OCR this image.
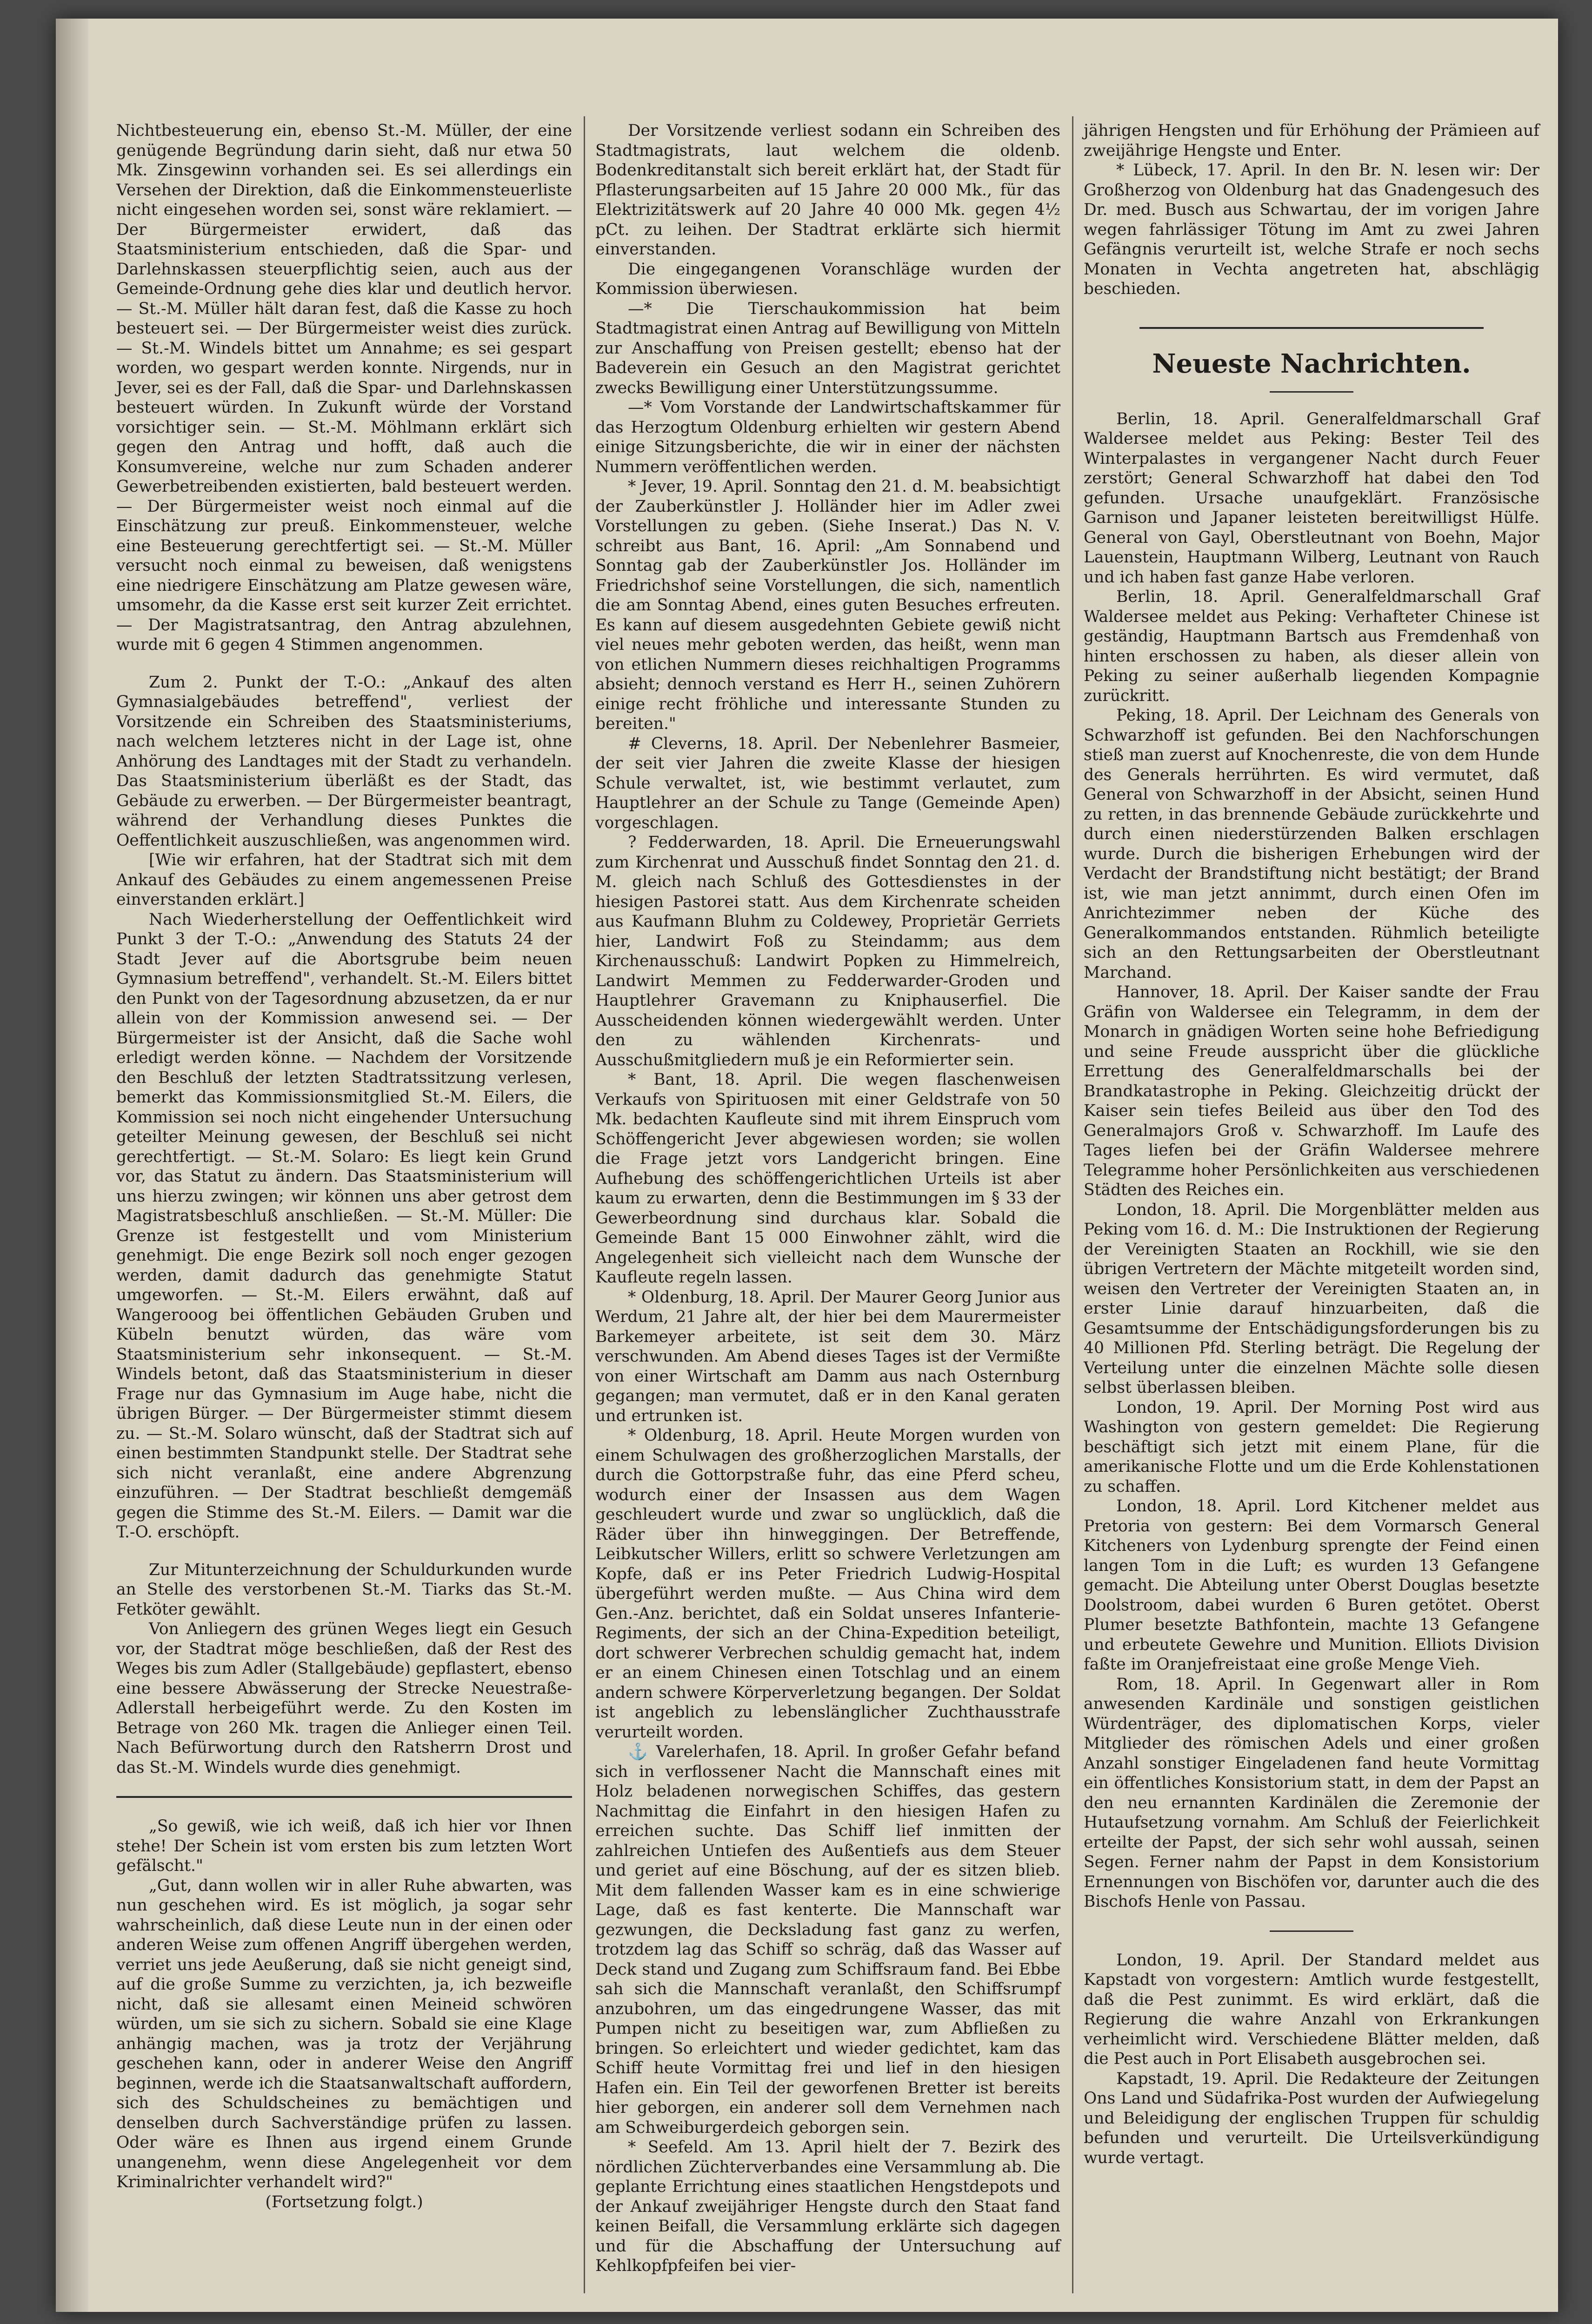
Nichtbesteuerung ein, ebenso St.-M. Müller, der eine genügende Begründung darin sieht, daß nur etwa 50 Mk. Zinsgewinn vorhanden sei. Es sei allerdings ein Versehen der Direktion, daß die Einkommensteuerliste nicht eingesehen worden sei, sonst wäre reklamiert. — Der Bürgermeister erwidert, daß das Staatsministerium entschieden, daß die Spar- und Darlehnskassen steuerpflichtig seien, auch aus der Gemeinde-Ordnung gehe dies klar und deutlich hervor. — St.-M. Müller hält daran fest, daß die Kasse zu hoch besteuert sei. — Der Bürgermeister weist dies zurück. — St.-M. Windels bittet um Annahme; es sei gespart worden, wo gespart werden konnte. Nirgends, nur in Jever, sei es der Fall, daß die Spar- und Darlehnskassen besteuert würden. In Zukunft würde der Vorstand vorsichtiger sein. — St.-M. Möhlmann erklärt sich gegen den Antrag und hofft, daß auch die Konsumvereine, welche nur zum Schaden anderer Gewerbetreibenden existierten, bald besteuert werden. — Der Bürgermeister weist noch einmal auf die Einschätzung zur preuß. Einkommensteuer, welche eine Besteuerung gerechtfertigt sei. — St.-M. Müller versucht noch einmal zu beweisen, daß wenigstens eine niedrigere Einschätzung am Platze gewesen wäre, umsomehr, da die Kasse erst seit kurzer Zeit errichtet. — Der Magistratsantrag, den Antrag abzulehnen, wurde mit 6 gegen 4 Stimmen angenommen.

Zum 2. Punkt der T.-O.: „Ankauf des alten Gymnasialgebäudes betreffend", verliest der Vorsitzende ein Schreiben des Staatsministeriums, nach welchem letzteres nicht in der Lage ist, ohne Anhörung des Landtages mit der Stadt zu verhandeln. Das Staatsministerium überläßt es der Stadt, das Gebäude zu erwerben. — Der Bürgermeister beantragt, während der Verhandlung dieses Punktes die Oeffentlichkeit auszuschließen, was angenommen wird.

[Wie wir erfahren, hat der Stadtrat sich mit dem Ankauf des Gebäudes zu einem angemessenen Preise einverstanden erklärt.]

Nach Wiederherstellung der Oeffentlichkeit wird Punkt 3 der T.-O.: „Anwendung des Statuts 24 der Stadt Jever auf die Abortsgrube beim neuen Gymnasium betreffend", verhandelt. St.-M. Eilers bittet den Punkt von der Tagesordnung abzusetzen, da er nur allein von der Kommission anwesend sei. — Der Bürgermeister ist der Ansicht, daß die Sache wohl erledigt werden könne. — Nachdem der Vorsitzende den Beschluß der letzten Stadtratssitzung verlesen, bemerkt das Kommissionsmitglied St.-M. Eilers, die Kommission sei noch nicht eingehender Untersuchung geteilter Meinung gewesen, der Beschluß sei nicht gerechtfertigt. — St.-M. Solaro: Es liegt kein Grund vor, das Statut zu ändern. Das Staatsministerium will uns hierzu zwingen; wir können uns aber getrost dem Magistratsbeschluß anschließen. — St.-M. Müller: Die Grenze ist festgestellt und vom Ministerium genehmigt. Die enge Bezirk soll noch enger gezogen werden, damit dadurch das genehmigte Statut umgeworfen. — St.-M. Eilers erwähnt, daß auf Wangerooog bei öffentlichen Gebäuden Gruben und Kübeln benutzt würden, das wäre vom Staatsministerium sehr inkonsequent. — St.-M. Windels betont, daß das Staatsministerium in dieser Frage nur das Gymnasium im Auge habe, nicht die übrigen Bürger. — Der Bürgermeister stimmt diesem zu. — St.-M. Solaro wünscht, daß der Stadtrat sich auf einen bestimmten Standpunkt stelle. Der Stadtrat sehe sich nicht veranlaßt, eine andere Abgrenzung einzuführen. — Der Stadtrat beschließt demgemäß gegen die Stimme des St.-M. Eilers. — Damit war die T.-O. erschöpft.

Zur Mitunterzeichnung der Schuldurkunden wurde an Stelle des verstorbenen St.-M. Tiarks das St.-M. Fetköter gewählt.

Von Anliegern des grünen Weges liegt ein Gesuch vor, der Stadtrat möge beschließen, daß der Rest des Weges bis zum Adler (Stallgebäude) gepflastert, ebenso eine bessere Abwässerung der Strecke Neuestraße-Adlerstall herbeigeführt werde. Zu den Kosten im Betrage von 260 Mk. tragen die Anlieger einen Teil. Nach Befürwortung durch den Ratsherrn Drost und das St.-M. Windels wurde dies genehmigt.

„So gewiß, wie ich weiß, daß ich hier vor Ihnen stehe! Der Schein ist vom ersten bis zum letzten Wort gefälscht."

„Gut, dann wollen wir in aller Ruhe abwarten, was nun geschehen wird. Es ist möglich, ja sogar sehr wahrscheinlich, daß diese Leute nun in der einen oder anderen Weise zum offenen Angriff übergehen werden, verriet uns jede Aeußerung, daß sie nicht geneigt sind, auf die große Summe zu verzichten, ja, ich bezweifle nicht, daß sie allesamt einen Meineid schwören würden, um sie sich zu sichern. Sobald sie eine Klage anhängig machen, was ja trotz der Verjährung geschehen kann, oder in anderer Weise den Angriff beginnen, werde ich die Staatsanwaltschaft auffordern, sich des Schuldscheines zu bemächtigen und denselben durch Sachverständige prüfen zu lassen. Oder wäre es Ihnen aus irgend einem Grunde unangenehm, wenn diese Angelegenheit vor dem Kriminalrichter verhandelt wird?"

(Fortsetzung folgt.)

Der Vorsitzende verliest sodann ein Schreiben des Stadtmagistrats, laut welchem die oldenb. Bodenkreditanstalt sich bereit erklärt hat, der Stadt für Pflasterungsarbeiten auf 15 Jahre 20 000 Mk., für das Elektrizitätswerk auf 20 Jahre 40 000 Mk. gegen 4½ pCt. zu leihen. Der Stadtrat erklärte sich hiermit einverstanden.

Die eingegangenen Voranschläge wurden der Kommission überwiesen.

—* Die Tierschaukommission hat beim Stadtmagistrat einen Antrag auf Bewilligung von Mitteln zur Anschaffung von Preisen gestellt; ebenso hat der Badeverein ein Gesuch an den Magistrat gerichtet zwecks Bewilligung einer Unterstützungssumme.

—* Vom Vorstande der Landwirtschaftskammer für das Herzogtum Oldenburg erhielten wir gestern Abend einige Sitzungsberichte, die wir in einer der nächsten Nummern veröffentlichen werden.

* Jever, 19. April. Sonntag den 21. d. M. beabsichtigt der Zauberkünstler J. Holländer hier im Adler zwei Vorstellungen zu geben. (Siehe Inserat.) Das N. V. schreibt aus Bant, 16. April: „Am Sonnabend und Sonntag gab der Zauberkünstler Jos. Holländer im Friedrichshof seine Vorstellungen, die sich, namentlich die am Sonntag Abend, eines guten Besuches erfreuten. Es kann auf diesem ausgedehnten Gebiete gewiß nicht viel neues mehr geboten werden, das heißt, wenn man von etlichen Nummern dieses reichhaltigen Programms absieht; dennoch verstand es Herr H., seinen Zuhörern einige recht fröhliche und interessante Stunden zu bereiten."

# Cleverns, 18. April. Der Nebenlehrer Basmeier, der seit vier Jahren die zweite Klasse der hiesigen Schule verwaltet, ist, wie bestimmt verlautet, zum Hauptlehrer an der Schule zu Tange (Gemeinde Apen) vorgeschlagen.

? Fedderwarden, 18. April. Die Erneuerungswahl zum Kirchenrat und Ausschuß findet Sonntag den 21. d. M. gleich nach Schluß des Gottesdienstes in der hiesigen Pastorei statt. Aus dem Kirchenrate scheiden aus Kaufmann Bluhm zu Coldewey, Proprietär Gerriets hier, Landwirt Foß zu Steindamm; aus dem Kirchenausschuß: Landwirt Popken zu Himmelreich, Landwirt Memmen zu Fedderwarder-Groden und Hauptlehrer Gravemann zu Kniphauserfiel. Die Ausscheidenden können wiedergewählt werden. Unter den zu wählenden Kirchenrats- und Ausschußmitgliedern muß je ein Reformierter sein.

* Bant, 18. April. Die wegen flaschenweisen Verkaufs von Spirituosen mit einer Geldstrafe von 50 Mk. bedachten Kaufleute sind mit ihrem Einspruch vom Schöffengericht Jever abgewiesen worden; sie wollen die Frage jetzt vors Landgericht bringen. Eine Aufhebung des schöffengerichtlichen Urteils ist aber kaum zu erwarten, denn die Bestimmungen im § 33 der Gewerbeordnung sind durchaus klar. Sobald die Gemeinde Bant 15 000 Einwohner zählt, wird die Angelegenheit sich vielleicht nach dem Wunsche der Kaufleute regeln lassen.

* Oldenburg, 18. April. Der Maurer Georg Junior aus Werdum, 21 Jahre alt, der hier bei dem Maurermeister Barkemeyer arbeitete, ist seit dem 30. März verschwunden. Am Abend dieses Tages ist der Vermißte von einer Wirtschaft am Damm aus nach Osternburg gegangen; man vermutet, daß er in den Kanal geraten und ertrunken ist.

* Oldenburg, 18. April. Heute Morgen wurden von einem Schulwagen des großherzoglichen Marstalls, der durch die Gottorpstraße fuhr, das eine Pferd scheu, wodurch einer der Insassen aus dem Wagen geschleudert wurde und zwar so unglücklich, daß die Räder über ihn hinweggingen. Der Betreffende, Leibkutscher Willers, erlitt so schwere Verletzungen am Kopfe, daß er ins Peter Friedrich Ludwig-Hospital übergeführt werden mußte. — Aus China wird dem Gen.-Anz. berichtet, daß ein Soldat unseres Infanterie-Regiments, der sich an der China-Expedition beteiligt, dort schwerer Verbrechen schuldig gemacht hat, indem er an einem Chinesen einen Totschlag und an einem andern schwere Körperverletzung begangen. Der Soldat ist angeblich zu lebenslänglicher Zuchthausstrafe verurteilt worden.

⚓ Varelerhafen, 18. April. In großer Gefahr befand sich in verflossener Nacht die Mannschaft eines mit Holz beladenen norwegischen Schiffes, das gestern Nachmittag die Einfahrt in den hiesigen Hafen zu erreichen suchte. Das Schiff lief inmitten der zahlreichen Untiefen des Außentiefs aus dem Steuer und geriet auf eine Böschung, auf der es sitzen blieb. Mit dem fallenden Wasser kam es in eine schwierige Lage, daß es fast kenterte. Die Mannschaft war gezwungen, die Decksladung fast ganz zu werfen, trotzdem lag das Schiff so schräg, daß das Wasser auf Deck stand und Zugang zum Schiffsraum fand. Bei Ebbe sah sich die Mannschaft veranlaßt, den Schiffsrumpf anzubohren, um das eingedrungene Wasser, das mit Pumpen nicht zu beseitigen war, zum Abfließen zu bringen. So erleichtert und wieder gedichtet, kam das Schiff heute Vormittag frei und lief in den hiesigen Hafen ein. Ein Teil der geworfenen Bretter ist bereits hier geborgen, ein anderer soll dem Vernehmen nach am Schweiburgerdeich geborgen sein.

* Seefeld. Am 13. April hielt der 7. Bezirk des nördlichen Züchterverbandes eine Versammlung ab. Die geplante Errichtung eines staatlichen Hengstdepots und der Ankauf zweijähriger Hengste durch den Staat fand keinen Beifall, die Versammlung erklärte sich dagegen und für die Abschaffung der Untersuchung auf Kehlkopfpfeifen bei vier-

jährigen Hengsten und für Erhöhung der Prämieen auf zweijährige Hengste und Enter.

* Lübeck, 17. April. In den Br. N. lesen wir: Der Großherzog von Oldenburg hat das Gnadengesuch des Dr. med. Busch aus Schwartau, der im vorigen Jahre wegen fahrlässiger Tötung im Amt zu zwei Jahren Gefängnis verurteilt ist, welche Strafe er noch sechs Monaten in Vechta angetreten hat, abschlägig beschieden.

Neueste Nachrichten.

Berlin, 18. April. Generalfeldmarschall Graf Waldersee meldet aus Peking: Bester Teil des Winterpalastes in vergangener Nacht durch Feuer zerstört; General Schwarzhoff hat dabei den Tod gefunden. Ursache unaufgeklärt. Französische Garnison und Japaner leisteten bereitwilligst Hülfe. General von Gayl, Oberstleutnant von Boehn, Major Lauenstein, Hauptmann Wilberg, Leutnant von Rauch und ich haben fast ganze Habe verloren.

Berlin, 18. April. Generalfeldmarschall Graf Waldersee meldet aus Peking: Verhafteter Chinese ist geständig, Hauptmann Bartsch aus Fremdenhaß von hinten erschossen zu haben, als dieser allein von Peking zu seiner außerhalb liegenden Kompagnie zurückritt.

Peking, 18. April. Der Leichnam des Generals von Schwarzhoff ist gefunden. Bei den Nachforschungen stieß man zuerst auf Knochenreste, die von dem Hunde des Generals herrührten. Es wird vermutet, daß General von Schwarzhoff in der Absicht, seinen Hund zu retten, in das brennende Gebäude zurückkehrte und durch einen niederstürzenden Balken erschlagen wurde. Durch die bisherigen Erhebungen wird der Verdacht der Brandstiftung nicht bestätigt; der Brand ist, wie man jetzt annimmt, durch einen Ofen im Anrichtezimmer neben der Küche des Generalkommandos entstanden. Rühmlich beteiligte sich an den Rettungsarbeiten der Oberstleutnant Marchand.

Hannover, 18. April. Der Kaiser sandte der Frau Gräfin von Waldersee ein Telegramm, in dem der Monarch in gnädigen Worten seine hohe Befriedigung und seine Freude ausspricht über die glückliche Errettung des Generalfeldmarschalls bei der Brandkatastrophe in Peking. Gleichzeitig drückt der Kaiser sein tiefes Beileid aus über den Tod des Generalmajors Groß v. Schwarzhoff. Im Laufe des Tages liefen bei der Gräfin Waldersee mehrere Telegramme hoher Persönlichkeiten aus verschiedenen Städten des Reiches ein.

London, 18. April. Die Morgenblätter melden aus Peking vom 16. d. M.: Die Instruktionen der Regierung der Vereinigten Staaten an Rockhill, wie sie den übrigen Vertretern der Mächte mitgeteilt worden sind, weisen den Vertreter der Vereinigten Staaten an, in erster Linie darauf hinzuarbeiten, daß die Gesamtsumme der Entschädigungsforderungen bis zu 40 Millionen Pfd. Sterling beträgt. Die Regelung der Verteilung unter die einzelnen Mächte solle diesen selbst überlassen bleiben.

London, 19. April. Der Morning Post wird aus Washington von gestern gemeldet: Die Regierung beschäftigt sich jetzt mit einem Plane, für die amerikanische Flotte und um die Erde Kohlenstationen zu schaffen.

London, 18. April. Lord Kitchener meldet aus Pretoria von gestern: Bei dem Vormarsch General Kitcheners von Lydenburg sprengte der Feind einen langen Tom in die Luft; es wurden 13 Gefangene gemacht. Die Abteilung unter Oberst Douglas besetzte Doolstroom, dabei wurden 6 Buren getötet. Oberst Plumer besetzte Bathfontein, machte 13 Gefangene und erbeutete Gewehre und Munition. Elliots Division faßte im Oranjefreistaat eine große Menge Vieh.

Rom, 18. April. In Gegenwart aller in Rom anwesenden Kardinäle und sonstigen geistlichen Würdenträger, des diplomatischen Korps, vieler Mitglieder des römischen Adels und einer großen Anzahl sonstiger Eingeladenen fand heute Vormittag ein öffentliches Konsistorium statt, in dem der Papst an den neu ernannten Kardinälen die Zeremonie der Hutaufsetzung vornahm. Am Schluß der Feierlichkeit erteilte der Papst, der sich sehr wohl aussah, seinen Segen. Ferner nahm der Papst in dem Konsistorium Ernennungen von Bischöfen vor, darunter auch die des Bischofs Henle von Passau.

London, 19. April. Der Standard meldet aus Kapstadt von vorgestern: Amtlich wurde festgestellt, daß die Pest zunimmt. Es wird erklärt, daß die Regierung die wahre Anzahl von Erkrankungen verheimlicht wird. Verschiedene Blätter melden, daß die Pest auch in Port Elisabeth ausgebrochen sei.

Kapstadt, 19. April. Die Redakteure der Zeitungen Ons Land und Südafrika-Post wurden der Aufwiegelung und Beleidigung der englischen Truppen für schuldig befunden und verurteilt. Die Urteilsverkündigung wurde vertagt.
